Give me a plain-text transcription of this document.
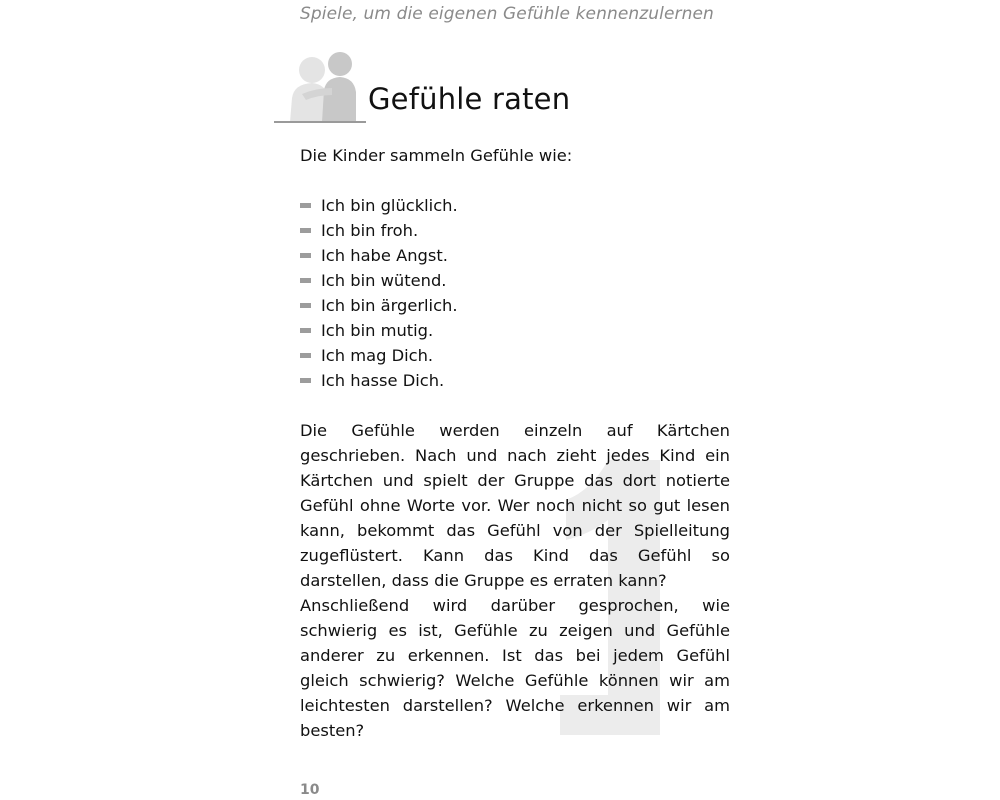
Spiele, um die eigenen Gefühle kennenzulernen
Gefühle raten

Die Kinder sammeln Gefühle wie:

Ich bin glücklich.
Ich bin froh.
Ich habe Angst.
Ich bin wütend.
Ich bin ärgerlich.
Ich bin mutig.
Ich mag Dich.
Ich hasse Dich.

Die Gefühle werden einzeln auf Kärtchen geschrieben. Nach und nach zieht jedes Kind ein Kärtchen und spielt der Gruppe das dort notierte Gefühl ohne Worte vor. Wer noch nicht so gut lesen kann, bekommt das Gefühl von der Spielleitung zugeflüstert. Kann das Kind das Gefühl so darstellen, dass die Gruppe es erraten kann?

Anschließend wird darüber gesprochen, wie schwierig es ist, Gefühle zu zeigen und Gefühle anderer zu erkennen. Ist das bei jedem Gefühl gleich schwierig? Welche Gefühle können wir am leichtesten darstellen? Welche erkennen wir am besten?

10
